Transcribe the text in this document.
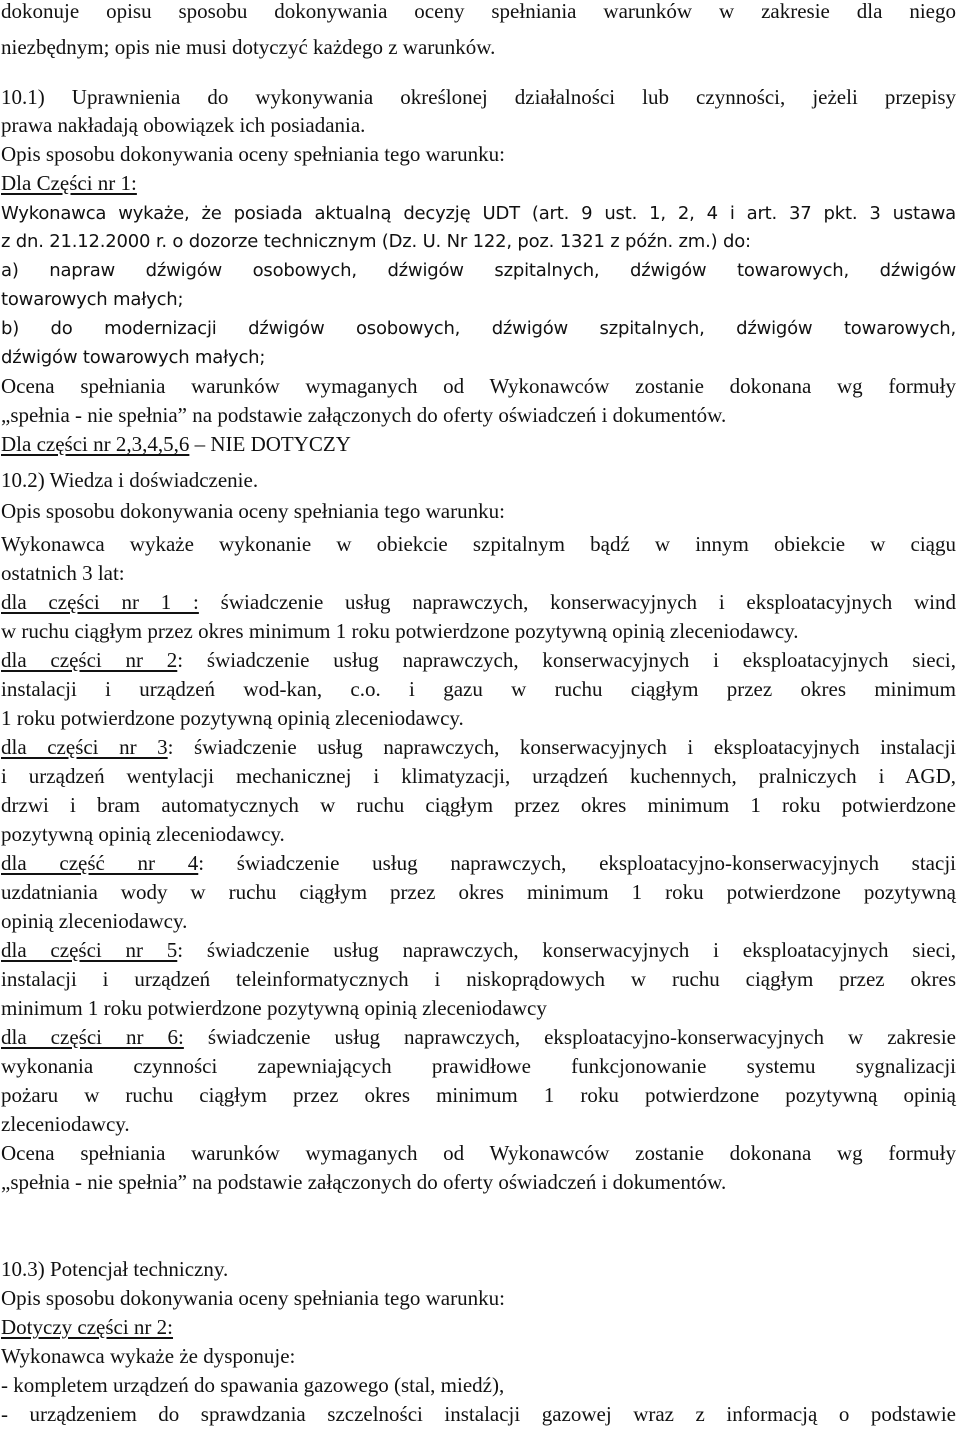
dokonuje opisu sposobu dokonywania oceny spełniania warunków w zakresie dla niego
niezbędnym; opis nie musi dotyczyć każdego z warunków.
10.1) Uprawnienia do wykonywania określonej działalności lub czynności, jeżeli przepisy
prawa nakładają obowiązek ich posiadania.
Opis sposobu dokonywania oceny spełniania tego warunku:
Dla Części nr 1:
Wykonawca wykaże, że posiada aktualną decyzję UDT (art. 9 ust. 1, 2, 4 i art. 37 pkt. 3 ustawa
z dn. 21.12.2000 r. o dozorze technicznym (Dz. U. Nr 122, poz. 1321 z późn. zm.) do:
a) napraw dźwigów osobowych, dźwigów szpitalnych, dźwigów towarowych, dźwigów
towarowych małych;
b) do modernizacji dźwigów osobowych, dźwigów szpitalnych, dźwigów towarowych,
dźwigów towarowych małych;
Ocena spełniania warunków wymaganych od Wykonawców zostanie dokonana wg formuły
„spełnia - nie spełnia” na podstawie załączonych do oferty oświadczeń i dokumentów.
Dla części nr 2,3,4,5,6 – NIE DOTYCZY
10.2) Wiedza i doświadczenie.
Opis sposobu dokonywania oceny spełniania tego warunku:
Wykonawca wykaże wykonanie w obiekcie szpitalnym bądź w innym obiekcie w ciągu
ostatnich 3 lat:
dla części nr 1 : świadczenie usług naprawczych, konserwacyjnych i eksploatacyjnych wind
w ruchu ciągłym przez okres minimum 1 roku potwierdzone pozytywną opinią zleceniodawcy.
dla części nr 2: świadczenie usług naprawczych, konserwacyjnych i eksploatacyjnych sieci,
instalacji i urządzeń wod-kan, c.o. i gazu w ruchu ciągłym przez okres minimum
1 roku potwierdzone pozytywną opinią zleceniodawcy.
dla części nr 3: świadczenie usług naprawczych, konserwacyjnych i eksploatacyjnych instalacji
i urządzeń wentylacji mechanicznej i klimatyzacji, urządzeń kuchennych, pralniczych i AGD,
drzwi i bram automatycznych w ruchu ciągłym przez okres minimum 1 roku potwierdzone
pozytywną opinią zleceniodawcy.
dla część nr 4: świadczenie usług naprawczych, eksploatacyjno-konserwacyjnych stacji
uzdatniania wody w ruchu ciągłym przez okres minimum 1 roku potwierdzone pozytywną
opinią zleceniodawcy.
dla części nr 5: świadczenie usług naprawczych, konserwacyjnych i eksploatacyjnych sieci,
instalacji i urządzeń teleinformatycznych i niskoprądowych w ruchu ciągłym przez okres
minimum 1 roku potwierdzone pozytywną opinią zleceniodawcy
dla części nr 6: świadczenie usług naprawczych, eksploatacyjno-konserwacyjnych w zakresie
wykonania czynności zapewniających prawidłowe funkcjonowanie systemu sygnalizacji
pożaru w ruchu ciągłym przez okres minimum 1 roku potwierdzone pozytywną opinią
zleceniodawcy.
Ocena spełniania warunków wymaganych od Wykonawców zostanie dokonana wg formuły
„spełnia - nie spełnia” na podstawie załączonych do oferty oświadczeń i dokumentów.
10.3) Potencjał techniczny.
Opis sposobu dokonywania oceny spełniania tego warunku:
Dotyczy części nr 2:
Wykonawca wykaże że dysponuje:
- kompletem urządzeń do spawania gazowego (stal, miedź),
- urządzeniem do sprawdzania szczelności instalacji gazowej wraz z informacją o podstawie
